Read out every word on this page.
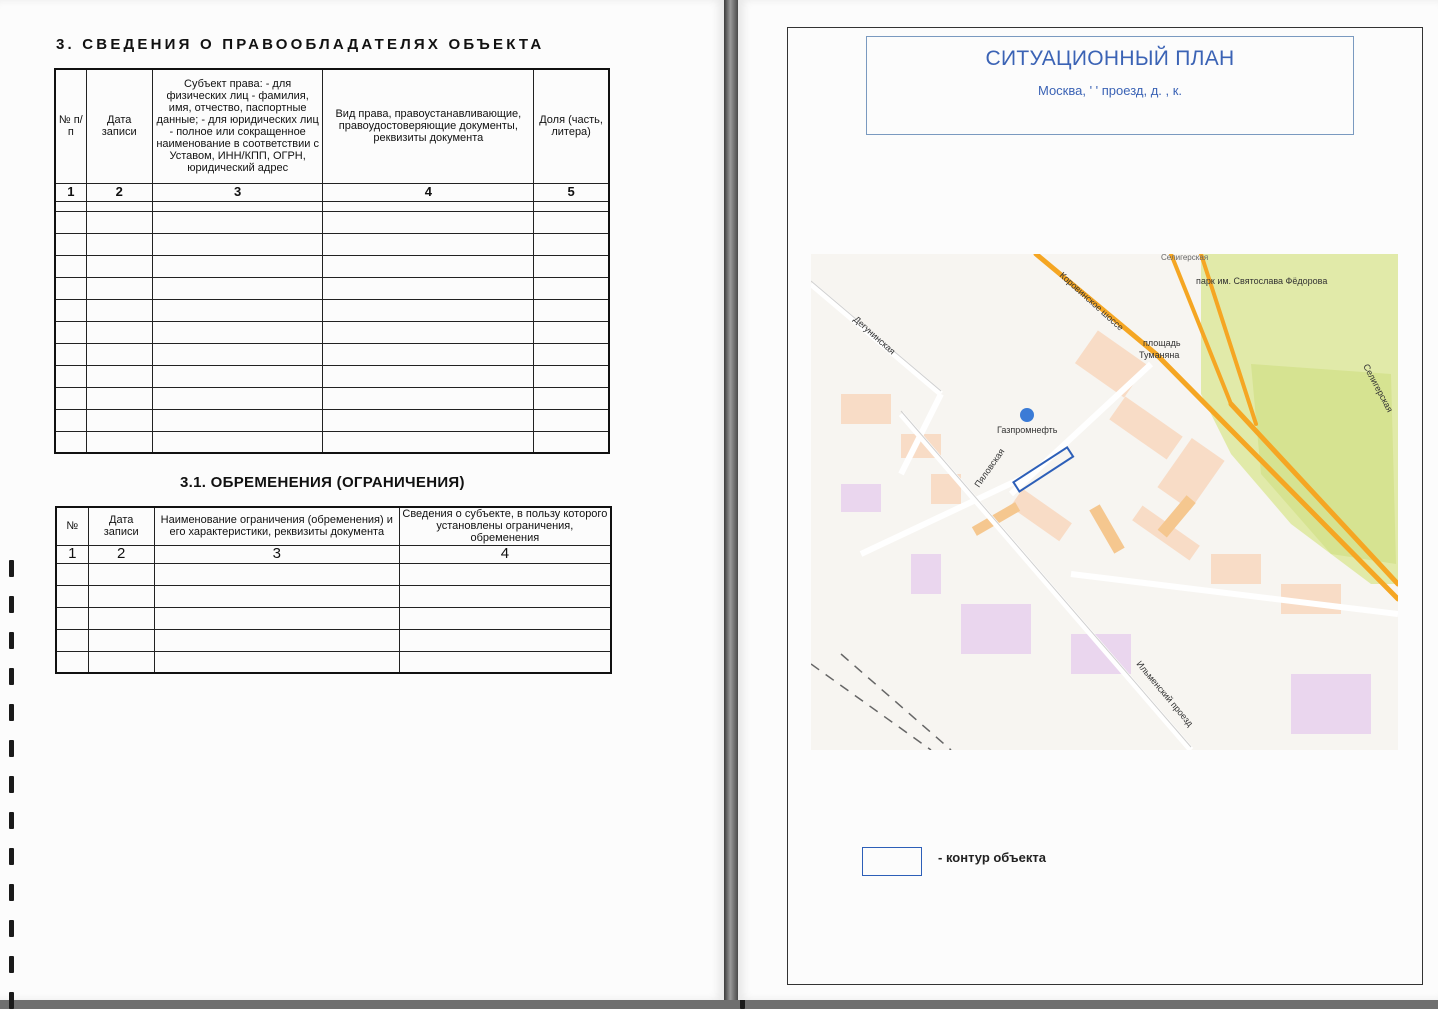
3. СВЕДЕНИЯ О ПРАВООБЛАДАТЕЛЯХ ОБЪЕКТА
№ п/п	Дата записи	Субъект права: - для физических лиц - фамилия, имя, отчество, паспортные данные; - для юридических лиц - полное или сокращенное наименование в соответствии с Уставом, ИНН/КПП, ОГРН, юридический адрес	Вид права, правоустанавливающие, правоудостоверяющие документы, реквизиты документа	Доля (часть, литера)
1	2	3	4	5

3.1. ОБРЕМЕНЕНИЯ (ОГРАНИЧЕНИЯ)
№	Дата записи	Наименование ограничения (обременения) и его характеристики, реквизиты документа	Сведения о субъекте, в пользу которого установлены ограничения, обременения
1	2	3	4

СИТУАЦИОННЫЙ ПЛАН
Москва, ' ' проезд, д. , к.
парк им. Святослава Фёдорова
площадь
Туманяна
Коровинское шоссе
Дегунинская
Пяловская
Селигерская
Ильменский проезд
Газпромнефть
Селигерская
- контур объекта
